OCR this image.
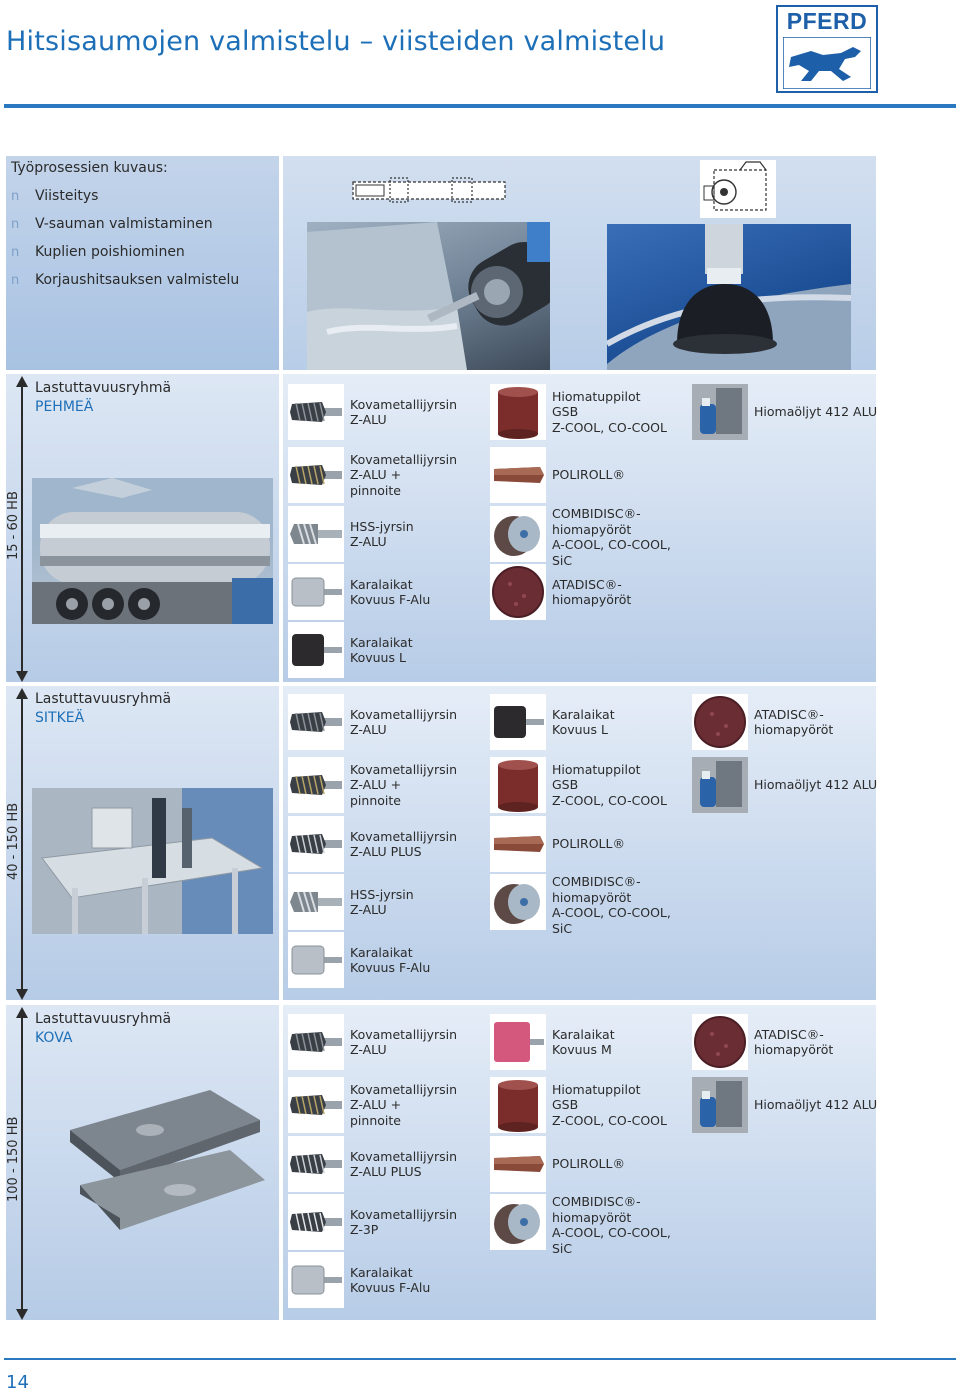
Hitsisaumojen valmistelu – viisteiden valmistelu
PFERD
Työprosessien kuvaus:
n Viisteitys
n V-sauman valmistaminen
n Kuplien poishiominen
n Korjaushitsauksen valmistelu
Lastuttavuusryhmä
PEHMEÄ
15 - 60 HB
Kovametallijyrsin
Z-ALU
Kovametallijyrsin
Z-ALU +
pinnoite
HSS-jyrsin
Z-ALU
Karalaikat
Kovuus F-Alu
Karalaikat
Kovuus L
Hiomatuppilot
GSB
Z-COOL, CO-COOL
POLIROLL®
COMBIDISC®-
hiomapyöröt
A-COOL, CO-COOL,
SiC
ATADISC®-
hiomapyöröt
Hiomaöljyt 412 ALU
Lastuttavuusryhmä
SITKEÄ
40 - 150 HB
Kovametallijyrsin
Z-ALU
Kovametallijyrsin
Z-ALU +
pinnoite
Kovametallijyrsin
Z-ALU PLUS
HSS-jyrsin
Z-ALU
Karalaikat
Kovuus F-Alu
Karalaikat
Kovuus L
Hiomatuppilot
GSB
Z-COOL, CO-COOL
POLIROLL®
COMBIDISC®-
hiomapyöröt
A-COOL, CO-COOL,
SiC
ATADISC®-
hiomapyöröt
Hiomaöljyt 412 ALU
Lastuttavuusryhmä
KOVA
100 - 150 HB
Kovametallijyrsin
Z-ALU
Kovametallijyrsin
Z-ALU +
pinnoite
Kovametallijyrsin
Z-ALU PLUS
Kovametallijyrsin
Z-3P
Karalaikat
Kovuus F-Alu
Karalaikat
Kovuus M
Hiomatuppilot
GSB
Z-COOL, CO-COOL
POLIROLL®
COMBIDISC®-
hiomapyöröt
A-COOL, CO-COOL,
SiC
ATADISC®-
hiomapyöröt
Hiomaöljyt 412 ALU
14
